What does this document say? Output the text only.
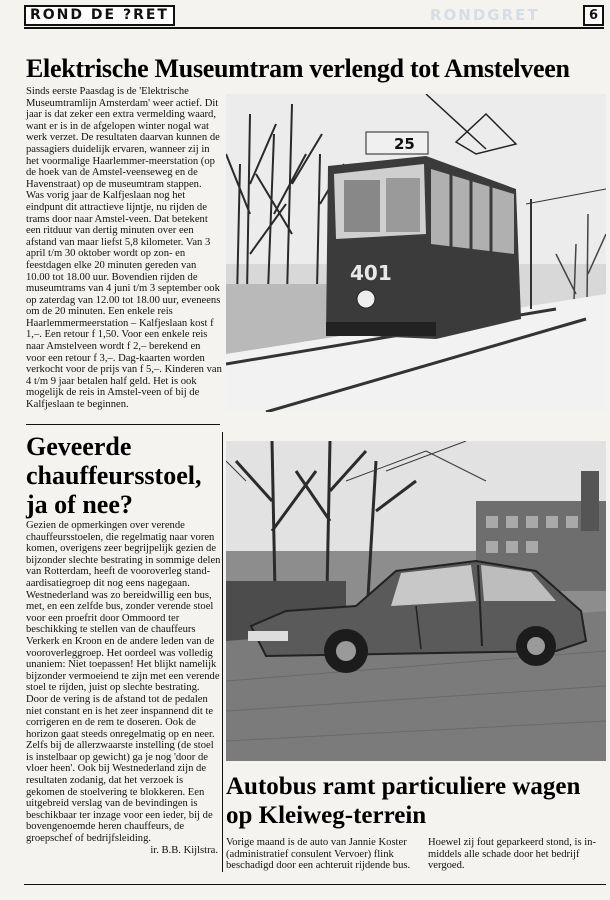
ROND DE ?RET	RONDGRET	6
Elektrische Museumtram verlengd tot Amstelveen

Sinds eerste Paasdag is de 'Elektrische Museumtramlijn Amsterdam' weer actief. Dit jaar is dat zeker een extra vermelding waard, want er is in de afgelopen winter nogal wat werk verzet. De resultaten daarvan kunnen de passagiers duidelijk ervaren, wanneer zij in het voormalige Haarlemmer-meerstation (op de hoek van de Amstel-veenseweg en de Havenstraat) op de museumtram stappen. Was vorig jaar de Kalfjeslaan nog het eindpunt dit attractieve lijntje, nu rijden de trams door naar Amstel-veen. Dat betekent een ritduur van dertig minuten over een afstand van maar liefst 5,8 kilometer. Van 3 april t/m 30 oktober wordt op zon- en feestdagen elke 20 minuten gereden van 10.00 tot 18.00 uur. Bovendien rijden de museumtrams van 4 juni t/m 3 september ook op zaterdag van 12.00 tot 18.00 uur, eveneens om de 20 minuten. Een enkele reis Haarlemmermeerstation – Kalfjeslaan kost f 1,–. Een retour f 1,50. Voor een enkele reis naar Amstelveen wordt f 2,– berekend en voor een retour f 3,–. Dag-kaarten worden verkocht voor de prijs van f 5,–. Kinderen van 4 t/m 9 jaar betalen half geld. Het is ook mogelijk de reis in Amstel-veen of bij de Kalfjeslaan te beginnen.

25
401
Geveerde chauffeursstoel, ja of nee?

Gezien de opmerkingen over verende chauffeursstoelen, die regelmatig naar voren komen, overigens zeer begrijpelijk gezien de bijzonder slechte bestrating in sommige delen van Rotterdam, heeft de vooroverleg stand-aardisatiegroep dit nog eens nagegaan. Westnederland was zo bereidwillig een bus, met, en een zelfde bus, zonder verende stoel voor een proefrit door Ommoord ter beschikking te stellen van de chauffeurs Verkerk en Kroon en de andere leden van de vooroverleggroep. Het oordeel was volledig unaniem: Niet toepassen! Het blijkt namelijk bijzonder vermoeiend te zijn met een verende stoel te rijden, juist op slechte bestrating. Door de vering is de afstand tot de pedalen niet constant en is het zeer inspannend dit te corrigeren en de rem te doseren. Ook de horizon gaat steeds onregelmatig op en neer. Zelfs bij de allerzwaarste instelling (de stoel is instelbaar op gewicht) ga je nog 'door de vloer heen'. Ook bij Westnederland zijn de resultaten zodanig, dat het verzoek is gekomen de stoelvering te blokkeren. Een uitgebreid verslag van de bevindingen is beschikbaar ter inzage voor een ieder, bij de bovengenoemde heren chauffeurs, de groepschef of bedrijfsleiding.
ir. B.B. Kijlstra.

Autobus ramt particuliere wagen op Kleiweg-terrein

Vorige maand is de auto van Jannie Koster (administratief consulent Vervoer) flink beschadigd door een achteruit rijdende bus.

Hoewel zij fout geparkeerd stond, is in-middels alle schade door het bedrijf vergoed.
